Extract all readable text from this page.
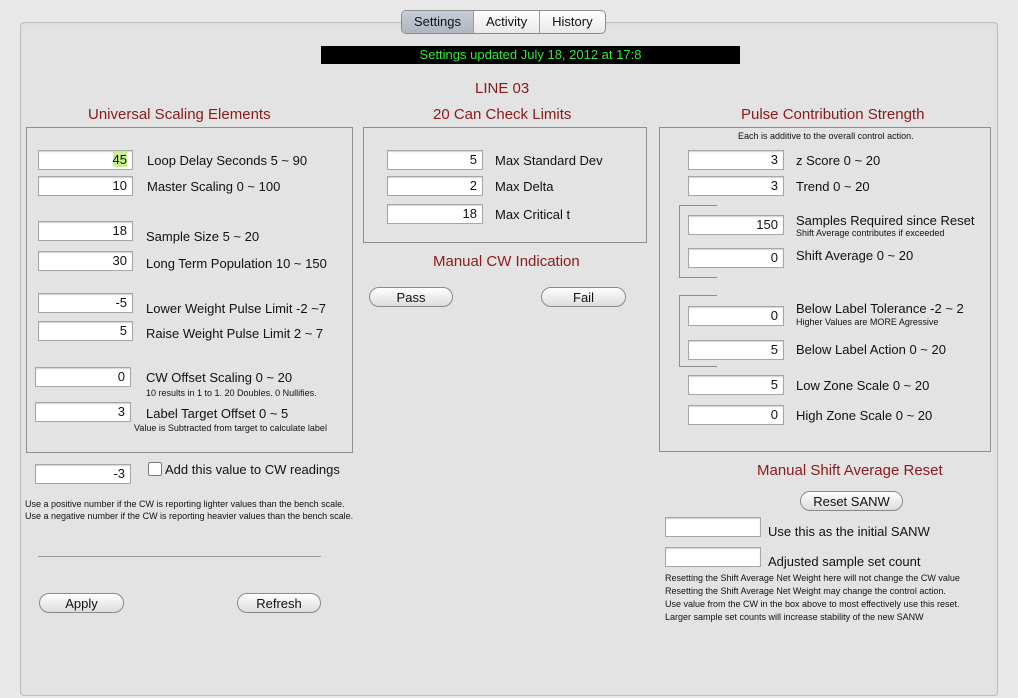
Settings	Activity	History
Settings updated July 18, 2012 at 17:8
LINE 03
Universal Scaling Elements
45	Loop Delay Seconds 5 ~ 90
10	Master Scaling 0 ~ 100
18	Sample Size 5 ~ 20
30	Long Term Population 10 ~ 150
-5	Lower Weight Pulse Limit -2 ~7
5	Raise Weight Pulse Limit 2 ~ 7
0	CW Offset Scaling 0 ~ 20
10 results in 1 to 1. 20 Doubles. 0 Nullifies.
3	Label Target Offset 0 ~ 5
Value is Subtracted from target to calculate label
-3	Add this value to CW readings
Use a positive number if the CW is reporting lighter values than the bench scale.
Use a negative number if the CW is reporting heavier values than the bench scale.
Apply	Refresh
20 Can Check Limits
5	Max Standard Dev
2	Max Delta
18	Max Critical t
Manual CW Indication
Pass	Fail
Pulse Contribution Strength
Each is additive to the overall control action.
3	z Score 0 ~ 20
3	Trend 0 ~ 20
150	Samples Required since Reset
Shift Average contributes if exceeded
0	Shift Average 0 ~ 20
0	Below Label Tolerance -2 ~ 2
Higher Values are MORE Agressive
5	Below Label Action 0 ~ 20
5	Low Zone Scale 0 ~ 20
0	High Zone Scale 0 ~ 20
Manual Shift Average Reset
Reset SANW
Use this as the initial SANW
Adjusted sample set count
Resetting the Shift Average Net Weight here will not change the CW value
Resetting the Shift Average Net Weight may change the control action.
Use value from the CW in the box above to most effectively use this reset.
Larger sample set counts will increase stability of the new SANW
